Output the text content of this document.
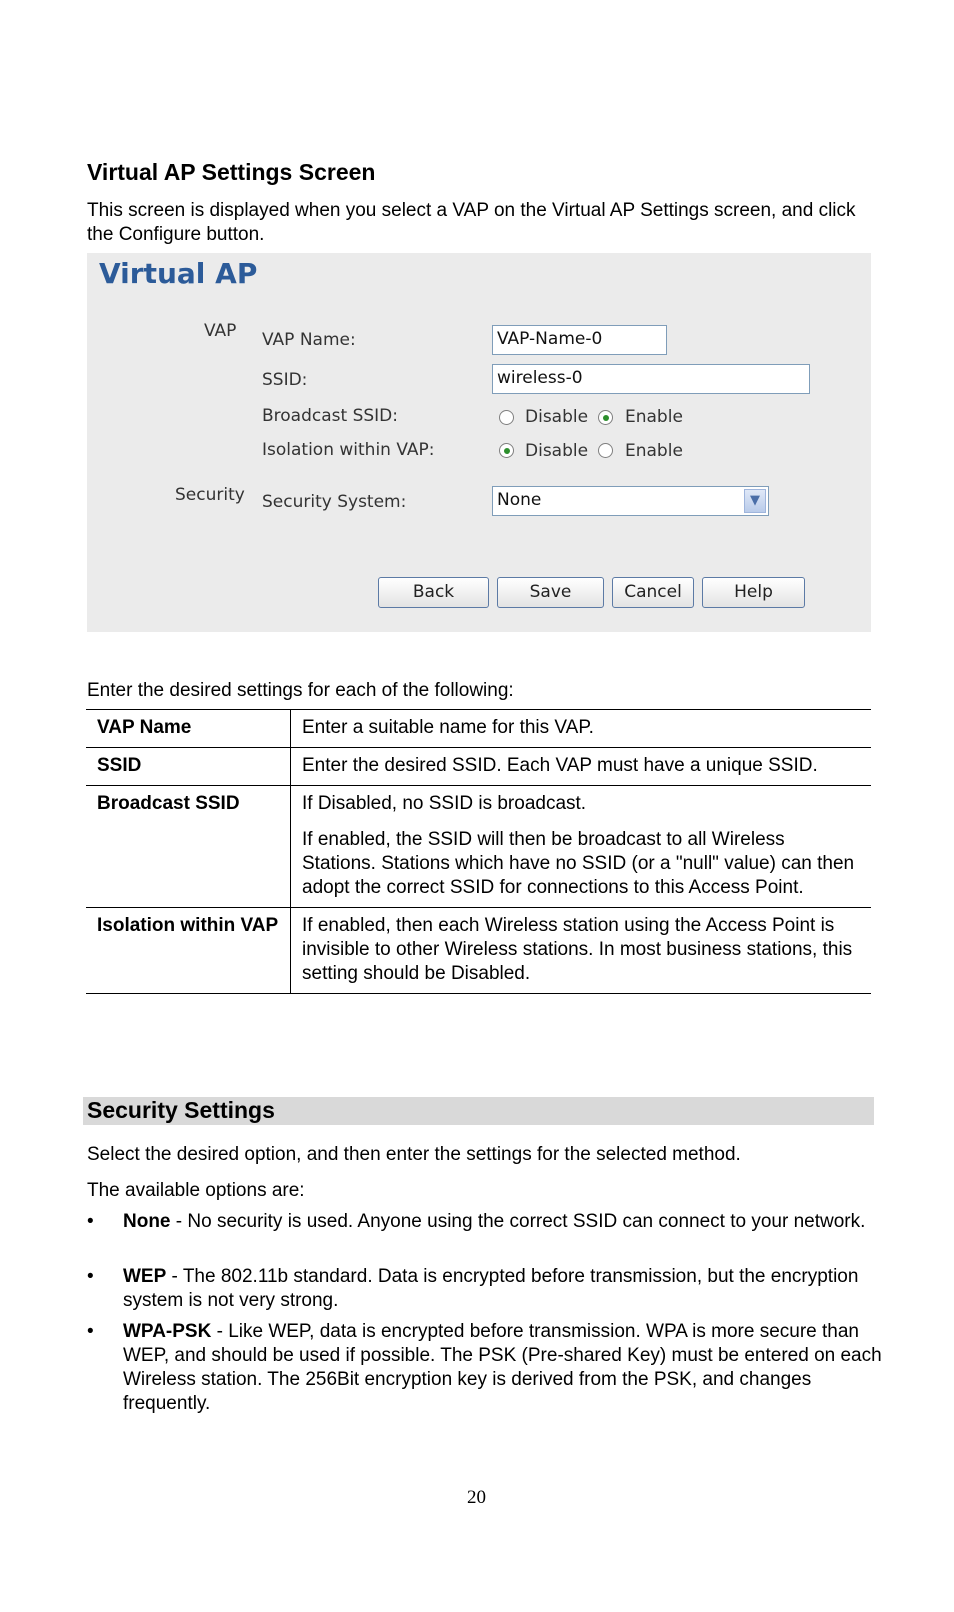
Virtual AP Settings Screen
This screen is displayed when you select a VAP on the Virtual AP Settings screen, and click the Configure button.
Virtual AP
VAP
Security
VAP Name:	VAP-Name-0
SSID:	wireless-0
Broadcast SSID:	Disable Enable
Isolation within VAP:	Disable Enable
Security System:	None	▼
Back	Save	Cancel	Help
Enter the desired settings for each of the following:
VAP Name	Enter a suitable name for this VAP.

SSID	Enter the desired SSID. Each VAP must have a unique SSID.

Broadcast SSID	If Disabled, no SSID is broadcast.

If enabled, the SSID will then be broadcast to all Wireless Stations. Stations which have no SSID (or a "null" value) can then adopt the correct SSID for connections to this Access Point.

Isolation within VAP	If enabled, then each Wireless station using the Access Point is invisible to other Wireless stations. In most business stations, this setting should be Disabled.

Security Settings
Select the desired option, and then enter the settings for the selected method.
The available options are:
• None - No security is used. Anyone using the correct SSID can connect to your network.
• WEP - The 802.11b standard. Data is encrypted before transmission, but the encryption system is not very strong.
• WPA-PSK - Like WEP, data is encrypted before transmission. WPA is more secure than WEP, and should be used if possible. The PSK (Pre-shared Key) must be entered on each Wireless station. The 256Bit encryption key is derived from the PSK, and changes frequently.
20
